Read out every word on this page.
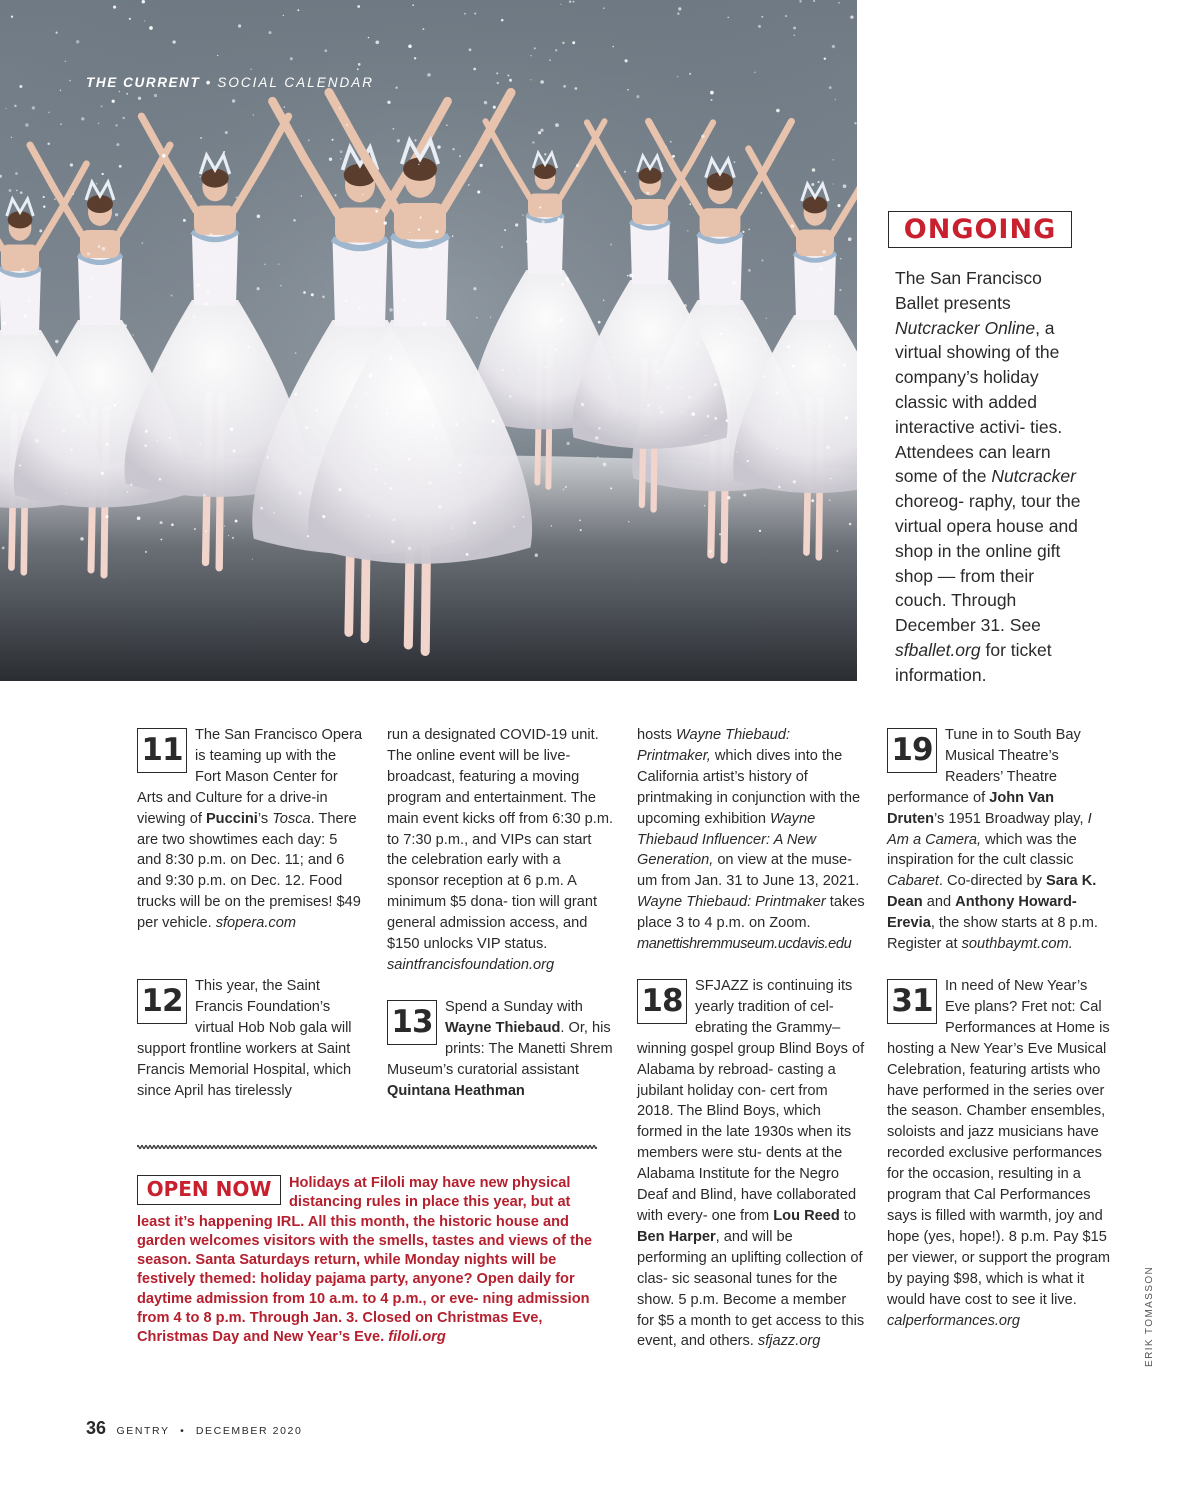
THE CURRENT • SOCIAL CALENDAR
ONGOING
The San Francisco Ballet presents Nutcracker Online, a virtual showing of the company’s holiday classic with added interactive activi- ties. Attendees can learn some of the Nutcracker choreog- raphy, tour the virtual opera house and shop in the online gift shop — from their couch. Through December 31. See sfballet.org for ticket information.
11 The San Francisco Opera is teaming up with the Fort Mason Center for Arts and Culture for a drive-in viewing of Puccini’s Tosca. There are two showtimes each day: 5 and 8:30 p.m. on Dec. 11; and 6 and 9:30 p.m. on Dec. 12. Food trucks will be on the premises! $49 per vehicle. sfopera.com
12 This year, the Saint Francis Foundation’s virtual Hob Nob gala will support frontline workers at Saint Francis Memorial Hospital, which since April has tirelessly
run a designated COVID-19 unit. The online event will be live- broadcast, featuring a moving program and entertainment. The main event kicks off from 6:30 p.m. to 7:30 p.m., and VIPs can start the celebration early with a sponsor reception at 6 p.m. A minimum $5 dona- tion will grant general admission access, and $150 unlocks VIP status. saintfrancisfoundation.org
13 Spend a Sunday with Wayne Thiebaud. Or, his prints: The Manetti Shrem Museum’s curatorial assistant Quintana Heathman
hosts Wayne Thiebaud: Printmaker, which dives into the California artist’s history of printmaking in conjunction with the upcoming exhibition Wayne Thiebaud Influencer: A New Generation, on view at the muse- um from Jan. 31 to June 13, 2021. Wayne Thiebaud: Printmaker takes place 3 to 4 p.m. on Zoom. manettishremmuseum.ucdavis.edu
18 SFJAZZ is continuing its yearly tradition of cel- ebrating the Grammy– winning gospel group Blind Boys of Alabama by rebroad- casting a jubilant holiday con- cert from 2018. The Blind Boys, which formed in the late 1930s when its members were stu- dents at the Alabama Institute for the Negro Deaf and Blind, have collaborated with every- one from Lou Reed to Ben Harper, and will be performing an uplifting collection of clas- sic seasonal tunes for the show. 5 p.m. Become a member for $5 a month to get access to this event, and others. sfjazz.org
19 Tune in to South Bay Musical Theatre’s Readers’ Theatre performance of John Van Druten’s 1951 Broadway play, I Am a Camera, which was the inspiration for the cult classic Cabaret. Co-directed by Sara K. Dean and Anthony Howard- Erevia, the show starts at 8 p.m. Register at southbaymt.com.
31 In need of New Year’s Eve plans? Fret not: Cal Performances at Home is hosting a New Year’s Eve Musical Celebration, featuring artists who have performed in the series over the season. Chamber ensembles, soloists and jazz musicians have recorded exclusive performances for the occasion, resulting in a program that Cal Performances says is filled with warmth, joy and hope (yes, hope!). 8 p.m. Pay $15 per viewer, or support the program by paying $98, which is what it would have cost to see it live. calperformances.org
OPEN NOW	Holidays at Filoli may have new physical distancing rules in place this year, but at least it’s happening IRL. All this month, the historic house and garden welcomes visitors with the smells, tastes and views of the season. Santa Saturdays return, while Monday nights will be festively themed: holiday pajama party, anyone? Open daily for daytime admission from 10 a.m. to 4 p.m., or eve- ning admission from 4 to 8 p.m. Through Jan. 3. Closed on Christmas Eve, Christmas Day and New Year’s Eve. filoli.org	ERIK TOMASSON
36 GENTRY • DECEMBER 2020
